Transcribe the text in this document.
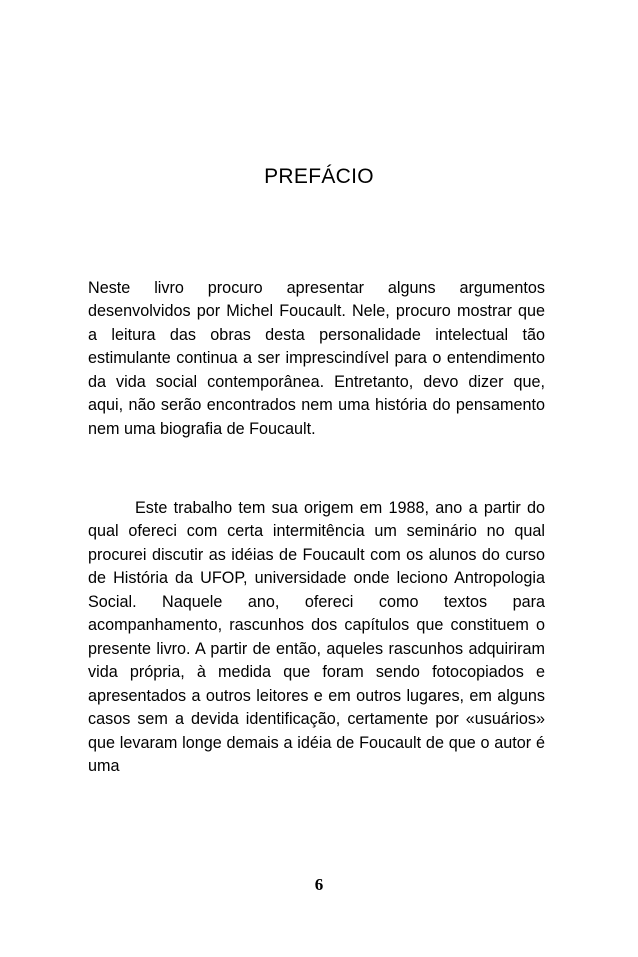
PREFÁCIO

Neste livro procuro apresentar alguns argumentos desenvolvidos por Michel Foucault. Nele, procuro mostrar que a leitura das obras desta personalidade intelectual tão estimulante continua a ser imprescindível para o entendimento da vida social contemporânea. Entretanto, devo dizer que, aqui, não serão encontrados nem uma história do pensamento nem uma biografia de Foucault.

Este trabalho tem sua origem em 1988, ano a partir do qual ofereci com certa intermitência um seminário no qual procurei discutir as idéias de Foucault com os alunos do curso de História da UFOP, universidade onde leciono Antropologia Social. Naquele ano, ofereci como textos para acompanhamento, rascunhos dos capítulos que constituem o presente livro. A partir de então, aqueles rascunhos adquiriram vida própria, à medida que foram sendo fotocopiados e apresentados a outros leitores e em outros lugares, em alguns casos sem a devida identificação, certamente por «usuários» que levaram longe demais a idéia de Foucault de que o autor é uma

6
